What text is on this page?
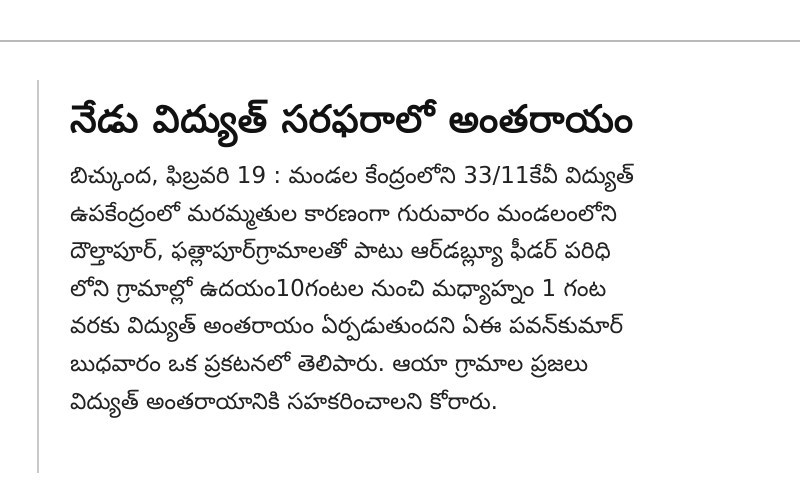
నేడు విద్యుత్ సరఫరాలో అంతరాయం
బిచ్కుంద, ఫిబ్రవరి 19 : మండల కేంద్రంలోని 33/11కేవీ విద్యుత్
ఉపకేంద్రంలో మరమ్మతుల కారణంగా గురువారం మండలంలోని
దౌల్తాపూర్, ఫత్లాపూర్‌గ్రామాలతో పాటు ఆర్‌డబ్ల్యూ ఫీడర్ పరిధి
లోని గ్రామాల్లో ఉదయం10గంటల నుంచి మధ్యాహ్నం 1 గంట
వరకు విద్యుత్ అంతరాయం ఏర్పడుతుందని ఏఈ పవన్‌కుమార్
బుధవారం ఒక ప్రకటనలో తెలిపారు. ఆయా గ్రామాల ప్రజలు
విద్యుత్ అంతరాయానికి సహకరించాలని కోరారు.
